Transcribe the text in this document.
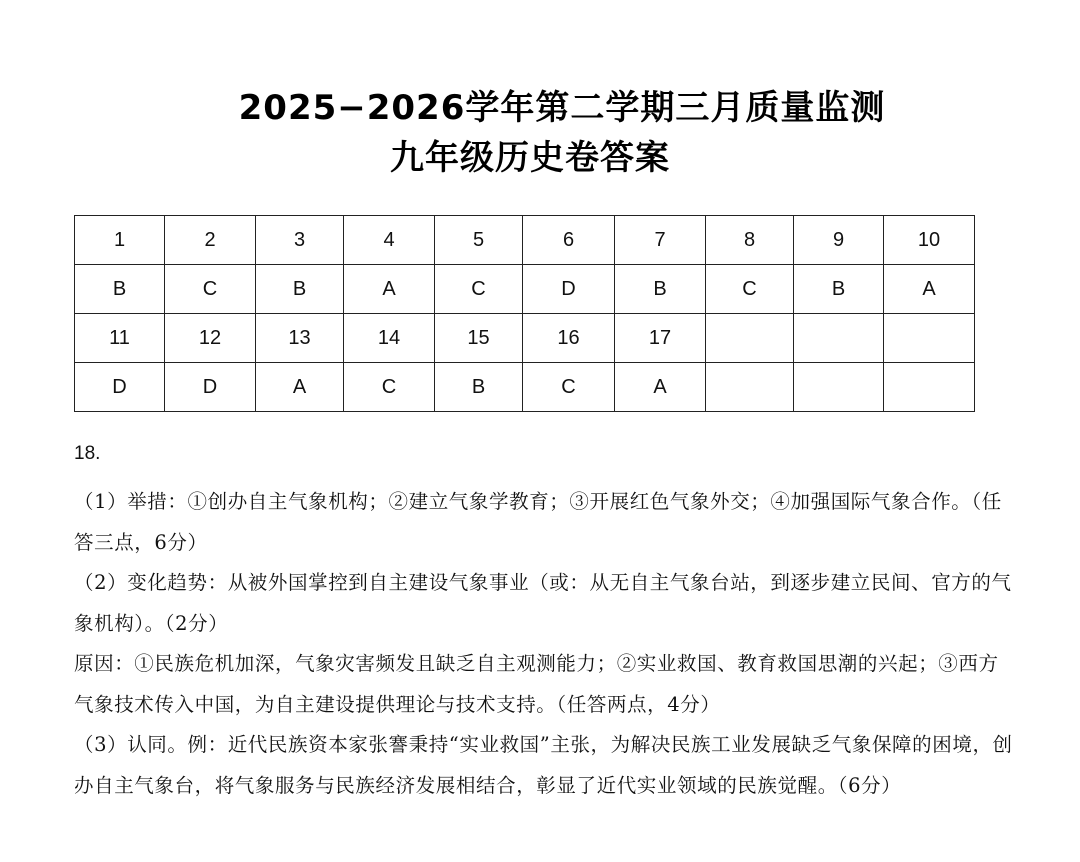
2025−2026学年第二学期三月质量监测
九年级历史卷答案
1	2	3	4	5	6	7	8	9	10
B	C	B	A	C	D	B	C	B	A
11	12	13	14	15	16	17			
D	D	A	C	B	C	A			
18.

（1）举措：①创办自主气象机构；②建立气象学教育；③开展红色气象外交；④加强国际气象合作。（任答三点，6分）

（2）变化趋势：从被外国掌控到自主建设气象事业（或：从无自主气象台站，到逐步建立民间、官方的气象机构）。（2分）

原因：①民族危机加深，气象灾害频发且缺乏自主观测能力；②实业救国、教育救国思潮的兴起；③西方气象技术传入中国，为自主建设提供理论与技术支持。（任答两点，4分）

（3）认同。例：近代民族资本家张謇秉持“实业救国”主张，为解决民族工业发展缺乏气象保障的困境，创办自主气象台，将气象服务与民族经济发展相结合，彰显了近代实业领域的民族觉醒。（6分）
